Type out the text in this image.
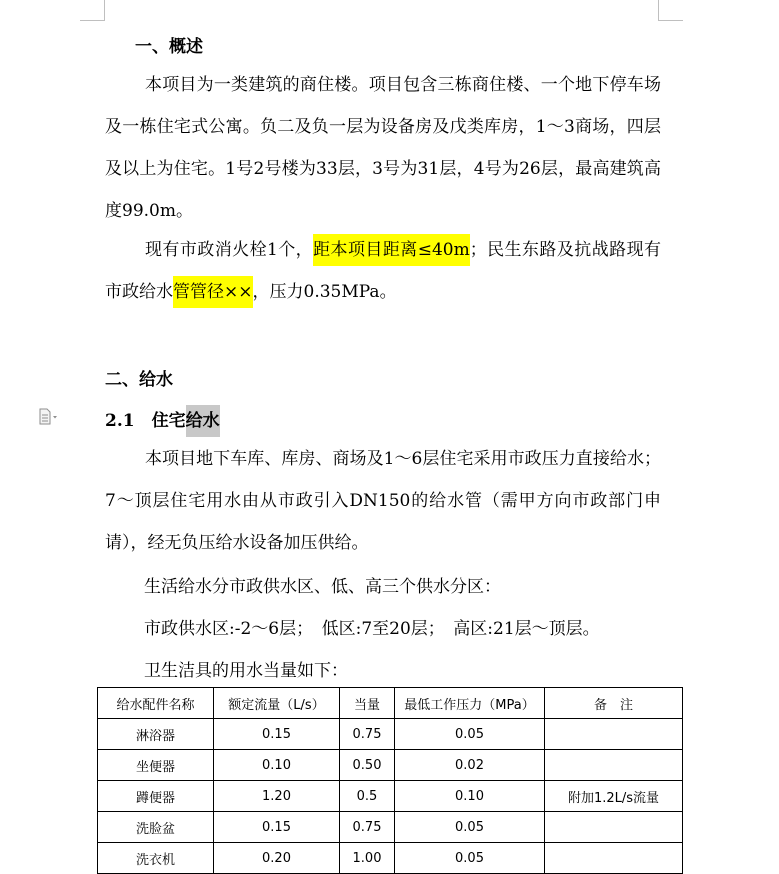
一、概述

本项目为一类建筑的商住楼。项目包含三栋商住楼、一个地下停车场及一栋住宅式公寓。负二及负一层为设备房及戊类库房，1～3商场，四层及以上为住宅。1号2号楼为33层，3号为31层，4号为26层，最高建筑高度99.0m。

现有市政消火栓1个，距本项目距离≤40m；民生东路及抗战路现有市政给水管管径××，压力0.35MPa。

二、给水
2.1　住宅给水

本项目地下车库、库房、商场及1～6层住宅采用市政压力直接给水；7～顶层住宅用水由从市政引入DN150的给水管（需甲方向市政部门申请），经无负压给水设备加压供给。

生活给水分市政供水区、低、高三个供水分区：
市政供水区:-2～6层；　低区:7至20层；　高区:21层～顶层。
卫生洁具的用水当量如下：
给水配件名称	额定流量（L/s）	当量	最低工作压力（MPa）	备　注
淋浴器	0.15	0.75	0.05	
坐便器	0.10	0.50	0.02	
蹲便器	1.20	0.5	0.10	附加1.2L/s流量
洗脸盆	0.15	0.75	0.05	
洗衣机	0.20	1.00	0.05	
